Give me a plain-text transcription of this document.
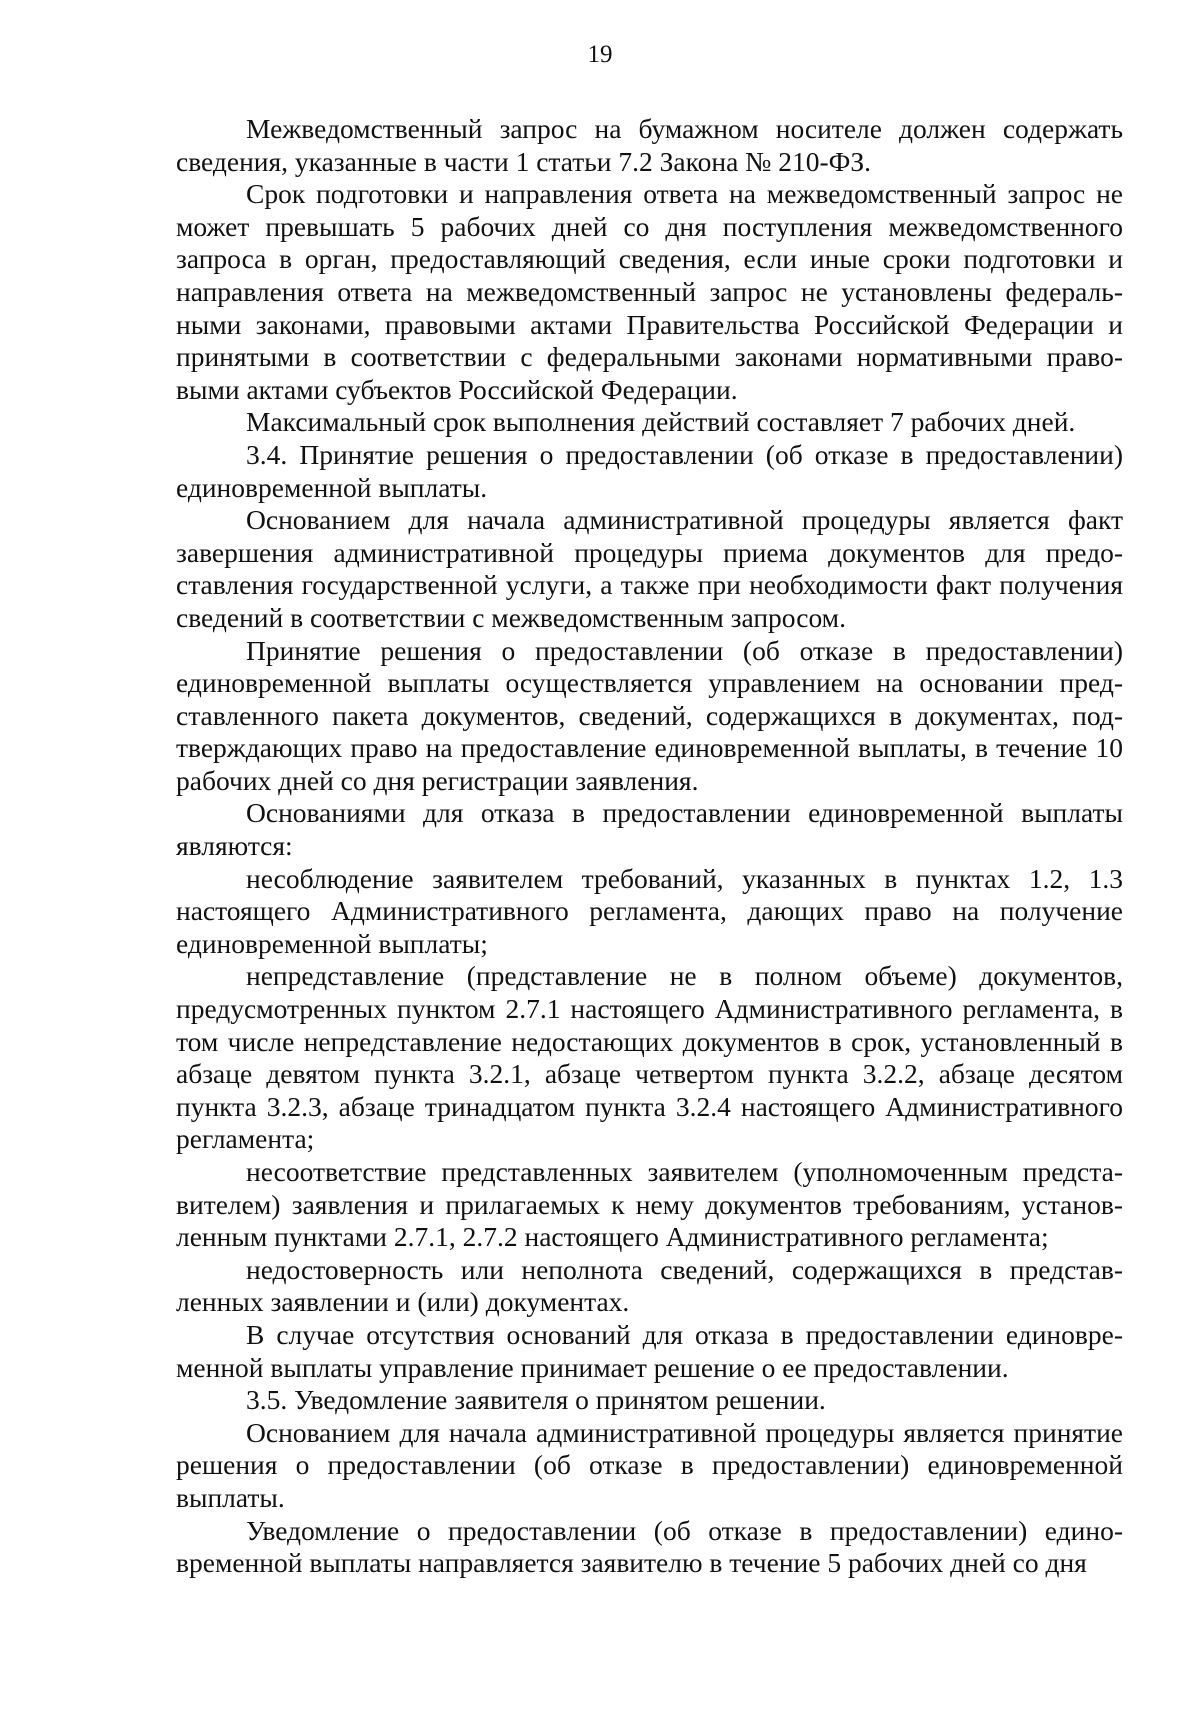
19

Межведомственный запрос на бумажном носителе должен содержать сведения, указанные в части 1 статьи 7.2 Закона № 210-ФЗ.

Срок подготовки и направления ответа на межведомственный запрос не может превышать 5 рабочих дней со дня поступления межведомственного запроса в орган, предоставляющий сведения, если иные сроки подготовки и направления ответа на межведомственный запрос не установлены федеральными законами, правовыми актами Правительства Российской Федерации и принятыми в соответствии с федеральными законами нормативными правовыми актами субъектов Российской Федерации.

Максимальный срок выполнения действий составляет 7 рабочих дней.

3.4. Принятие решения о предоставлении (об отказе в предоставлении) единовременной выплаты.

Основанием для начала административной процедуры является факт завершения административной процедуры приема документов для предоставления государственной услуги, а также при необходимости факт получения сведений в соответствии с межведомственным запросом.

Принятие решения о предоставлении (об отказе в предоставлении) единовременной выплаты осуществляется управлением на основании представленного пакета документов, сведений, содержащихся в документах, подтверждающих право на предоставление единовременной выплаты, в течение 10 рабочих дней со дня регистрации заявления.

Основаниями для отказа в предоставлении единовременной выплаты являются:

несоблюдение заявителем требований, указанных в пунктах 1.2, 1.3 настоящего Административного регламента, дающих право на получение единовременной выплаты;

непредставление (представление не в полном объеме) документов, предусмотренных пунктом 2.7.1 настоящего Административного регламента, в том числе непредставление недостающих документов в срок, установленный в абзаце девятом пункта 3.2.1, абзаце четвертом пункта 3.2.2, абзаце десятом пункта 3.2.3, абзаце тринадцатом пункта 3.2.4 настоящего Административного регламента;

несоответствие представленных заявителем (уполномоченным представителем) заявления и прилагаемых к нему документов требованиям, установленным пунктами 2.7.1, 2.7.2 настоящего Административного регламента;

недостоверность или неполнота сведений, содержащихся в представленных заявлении и (или) документах.

В случае отсутствия оснований для отказа в предоставлении единовременной выплаты управление принимает решение о ее предоставлении.

3.5. Уведомление заявителя о принятом решении.

Основанием для начала административной процедуры является принятие решения о предоставлении (об отказе в предоставлении) единовременной выплаты.

Уведомление о предоставлении (об отказе в предоставлении) единовременной выплаты направляется заявителю в течение 5 рабочих дней со дня
